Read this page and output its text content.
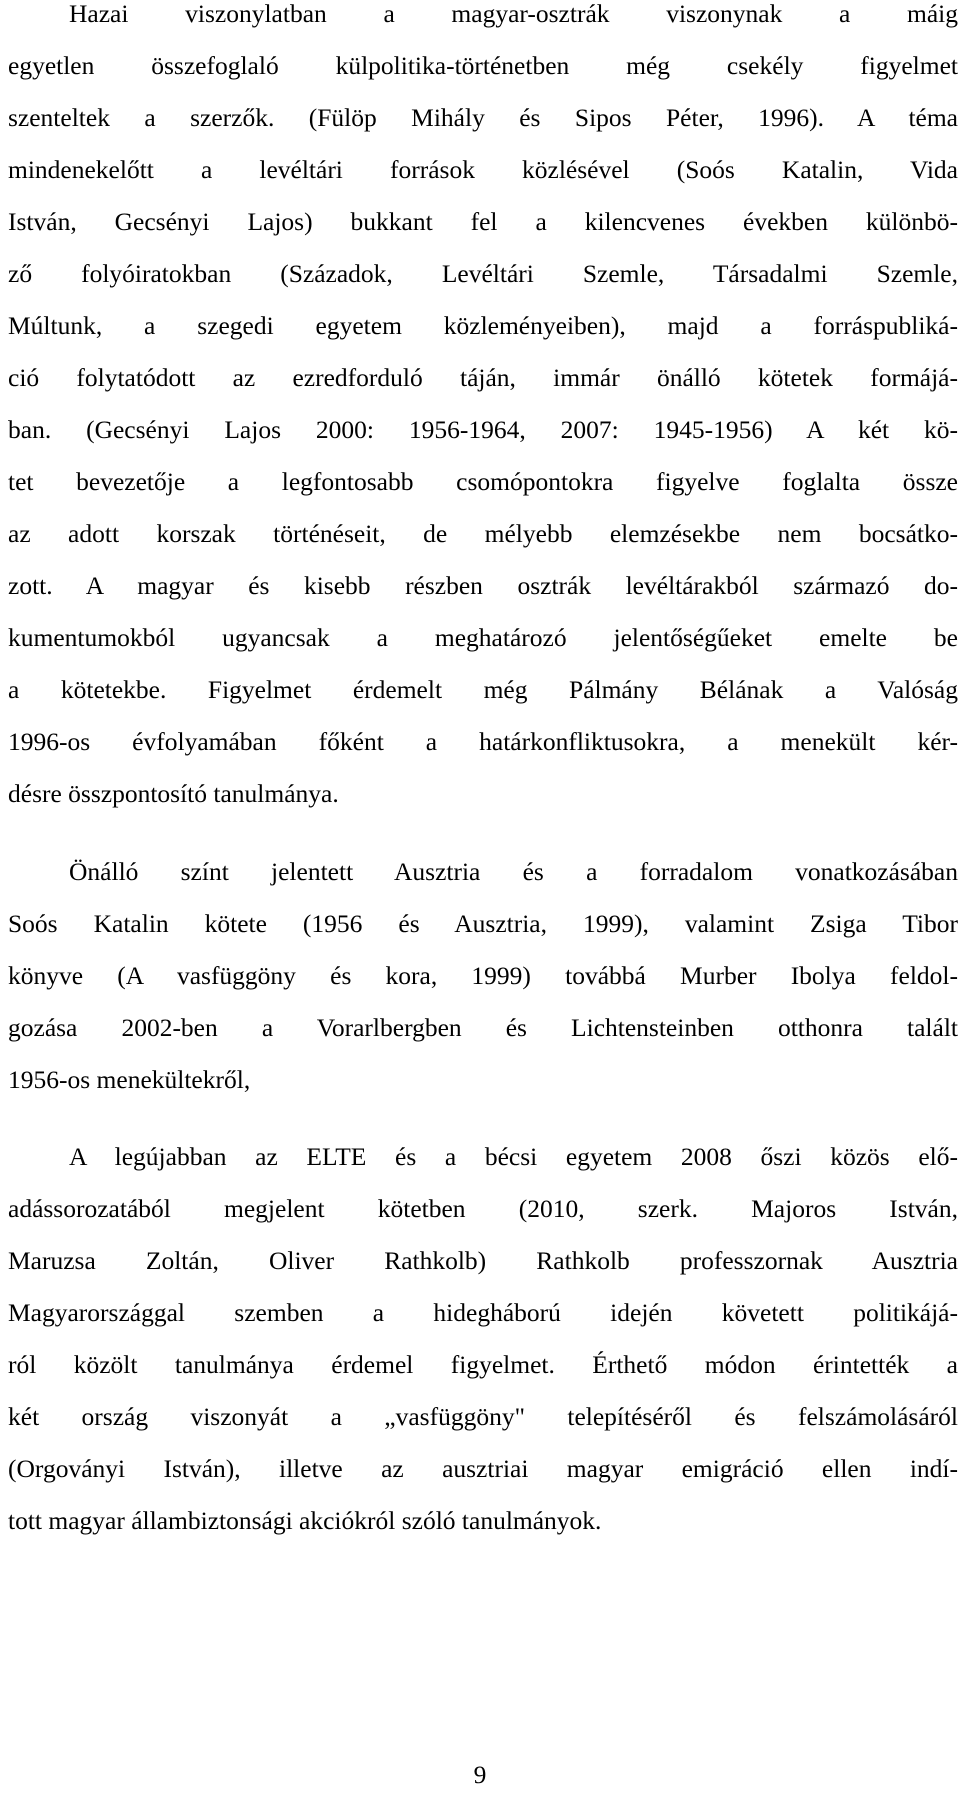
Hazai viszonylatban a magyar-osztrák viszonynak a máig
egyetlen összefoglaló külpolitika-történetben még csekély figyelmet
szenteltek a szerzők. (Fülöp Mihály és Sipos Péter, 1996). A téma
mindenekelőtt a levéltári források közlésével (Soós Katalin, Vida
István, Gecsényi Lajos) bukkant fel a kilencvenes években különbö-
ző folyóiratokban (Századok, Levéltári Szemle, Társadalmi Szemle,
Múltunk, a szegedi egyetem közleményeiben), majd a forráspubliká-
ció folytatódott az ezredforduló táján, immár önálló kötetek formájá-
ban. (Gecsényi Lajos 2000: 1956-1964, 2007: 1945-1956) A két kö-
tet bevezetője a legfontosabb csomópontokra figyelve foglalta össze
az adott korszak történéseit, de mélyebb elemzésekbe nem bocsátko-
zott. A magyar és kisebb részben osztrák levéltárakból származó do-
kumentumokból ugyancsak a meghatározó jelentőségűeket emelte be
a kötetekbe. Figyelmet érdemelt még Pálmány Bélának a Valóság
1996-os évfolyamában főként a határkonfliktusokra, a menekült kér-
désre összpontosító tanulmánya.
Önálló színt jelentett Ausztria és a forradalom vonatkozásában
Soós Katalin kötete (1956 és Ausztria, 1999), valamint Zsiga Tibor
könyve (A vasfüggöny és kora, 1999) továbbá Murber Ibolya feldol-
gozása 2002-ben a Vorarlbergben és Lichtensteinben otthonra talált
1956-os menekültekről,
A legújabban az ELTE és a bécsi egyetem 2008 őszi közös elő-
adássorozatából megjelent kötetben (2010, szerk. Majoros István,
Maruzsa Zoltán, Oliver Rathkolb) Rathkolb professzornak Ausztria
Magyarországgal szemben a hidegháború idején követett politikájá-
ról közölt tanulmánya érdemel figyelmet. Érthető módon érintették a
két ország viszonyát a „vasfüggöny" telepítéséről és felszámolásáról
(Orgoványi István), illetve az ausztriai magyar emigráció ellen indí-
tott magyar állambiztonsági akciókról szóló tanulmányok.
9
